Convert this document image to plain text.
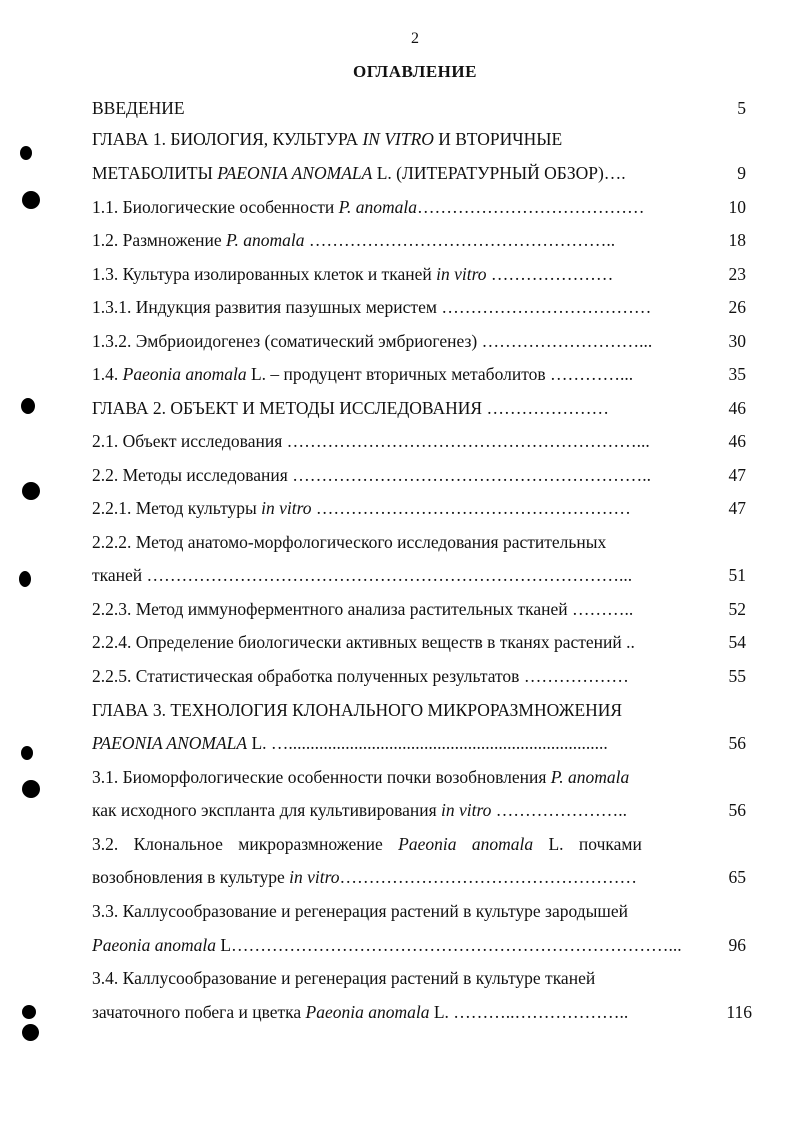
2
ОГЛАВЛЕНИЕ
ВВЕДЕНИЕ	5
ГЛАВА 1. БИОЛОГИЯ, КУЛЬТУРА IN VITRO И ВТОРИЧНЫЕ
МЕТАБОЛИТЫ PAEONIA ANOMALA L. (ЛИТЕРАТУРНЫЙ ОБЗОР)….	9
1.1. Биологические особенности P. anomala…………………………………	10
1.2. Размножение P. anomala ……………………………………………..	18
1.3. Культура изолированных клеток и тканей in vitro …………………	23
1.3.1. Индукция развития пазушных меристем ………………………………	26
1.3.2. Эмбриоидогенез (соматический эмбриогенез) ………………………...	30
1.4. Paeonia anomala L. – продуцент вторичных метаболитов …………...	35
ГЛАВА 2. ОБЪЕКТ И МЕТОДЫ ИССЛЕДОВАНИЯ …………………	46
2.1. Объект исследования ……………………………………………………...	46
2.2. Методы исследования ……………………………………………………..	47
2.2.1. Метод культуры in vitro ………………………………………………	47
2.2.2. Метод анатомо-морфологического исследования растительных
тканей ………………………………………………………………………...	51
2.2.3. Метод иммуноферментного анализа растительных тканей ………..	52
2.2.4. Определение биологически активных веществ в тканях растений ..	54
2.2.5. Статистическая обработка полученных результатов ………………	55
ГЛАВА 3. ТЕХНОЛОГИЯ КЛОНАЛЬНОГО МИКРОРАЗМНОЖЕНИЯ
PAEONIA ANOMALA L. ….........................................................................	56
3.1. Биоморфологические особенности почки возобновления P. anomala
как исходного экспланта для культивирования in vitro …………………..	56
3.2. Клональное микроразмножение Paeonia anomala L. почками
возобновления в культуре in vitro……………………………………………	65
3.3. Каллусообразование и регенерация растений в культуре зародышей
Paeonia anomala L…………………………………………………………………...	96
3.4. Каллусообразование и регенерация растений в культуре тканей
зачаточного побега и цветка Paeonia anomala L. ………..………………..	116
